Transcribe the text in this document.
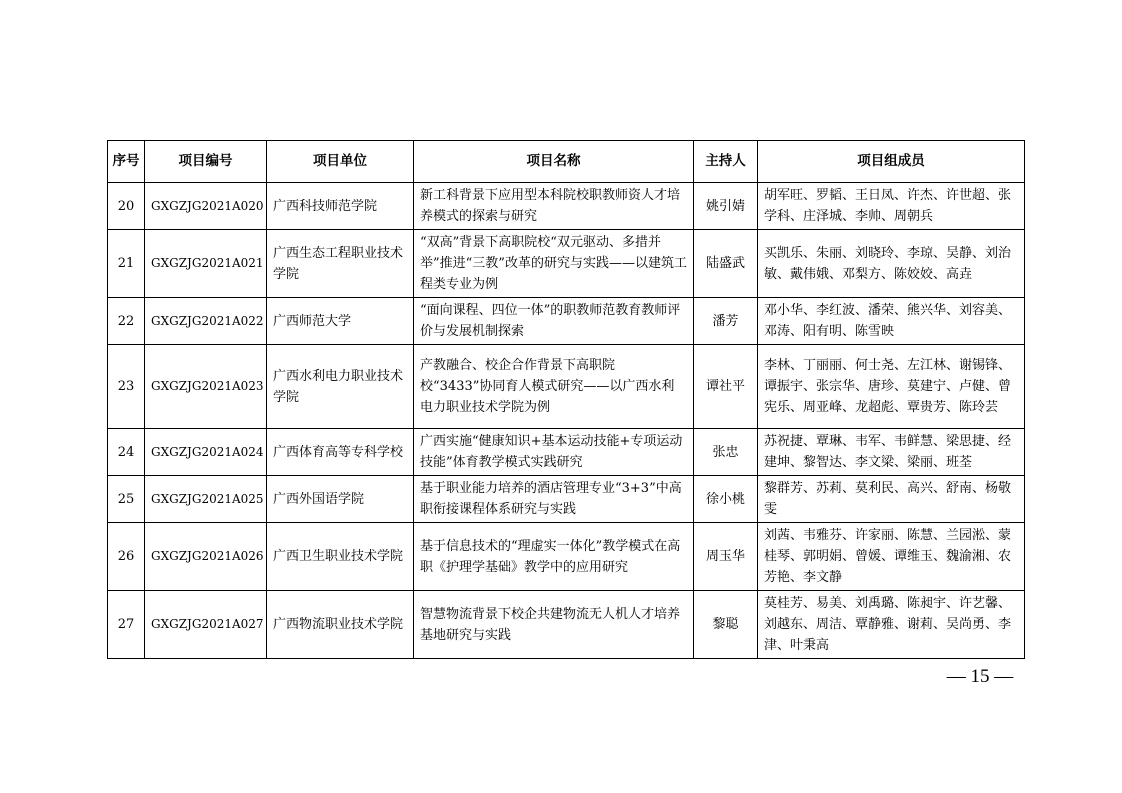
序号	项目编号	项目单位	项目名称	主持人	项目组成员
20	GXGZJG2021A020	广西科技师范学院	新工科背景下应用型本科院校职教师资人才培养模式的探索与研究	姚引婧	胡军旺、罗韬、王日凤、许杰、许世超、张学科、庄泽城、李帅、周朝兵
21	GXGZJG2021A021	广西生态工程职业技术学院	“双高”背景下高职院校“双元驱动、多措并举”推进“三教”改革的研究与实践——以建筑工程类专业为例	陆盛武	买凯乐、朱丽、刘晓玲、李琼、吴静、刘治敏、戴伟娥、邓梨方、陈姣姣、高垚
22	GXGZJG2021A022	广西师范大学	“面向课程、四位一体”的职教师范教育教师评价与发展机制探索	潘芳	邓小华、李红波、潘荣、熊兴华、刘容美、邓涛、阳有明、陈雪映
23	GXGZJG2021A023	广西水利电力职业技术学院	产教融合、校企合作背景下高职院校“3433”协同育人模式研究——以广西水利电力职业技术学院为例	谭社平	李林、丁丽丽、何士尧、左江林、谢锡锋、谭振宇、张宗华、唐珍、莫建宁、卢健、曾宪乐、周亚峰、龙超彪、覃贵芳、陈玲芸
24	GXGZJG2021A024	广西体育高等专科学校	广西实施“健康知识+基本运动技能+专项运动技能”体育教学模式实践研究	张忠	苏祝捷、覃琳、韦军、韦鲜慧、梁思捷、经建坤、黎智达、李文梁、梁丽、班荃
25	GXGZJG2021A025	广西外国语学院	基于职业能力培养的酒店管理专业“3+3”中高职衔接课程体系研究与实践	徐小桃	黎群芳、苏莉、莫利民、高兴、舒南、杨敬雯
26	GXGZJG2021A026	广西卫生职业技术学院	基于信息技术的“理虚实一体化”教学模式在高职《护理学基础》教学中的应用研究	周玉华	刘茜、韦雅芬、许家丽、陈慧、兰园淞、蒙桂琴、郭明娟、曾媛、谭维玉、魏渝湘、农芳艳、李文静
27	GXGZJG2021A027	广西物流职业技术学院	智慧物流背景下校企共建物流无人机人才培养基地研究与实践	黎聪	莫桂芳、易美、刘禹璐、陈昶宇、许艺馨、刘越东、周洁、覃静雅、谢莉、吴尚勇、李津、叶秉高
— 15 —
